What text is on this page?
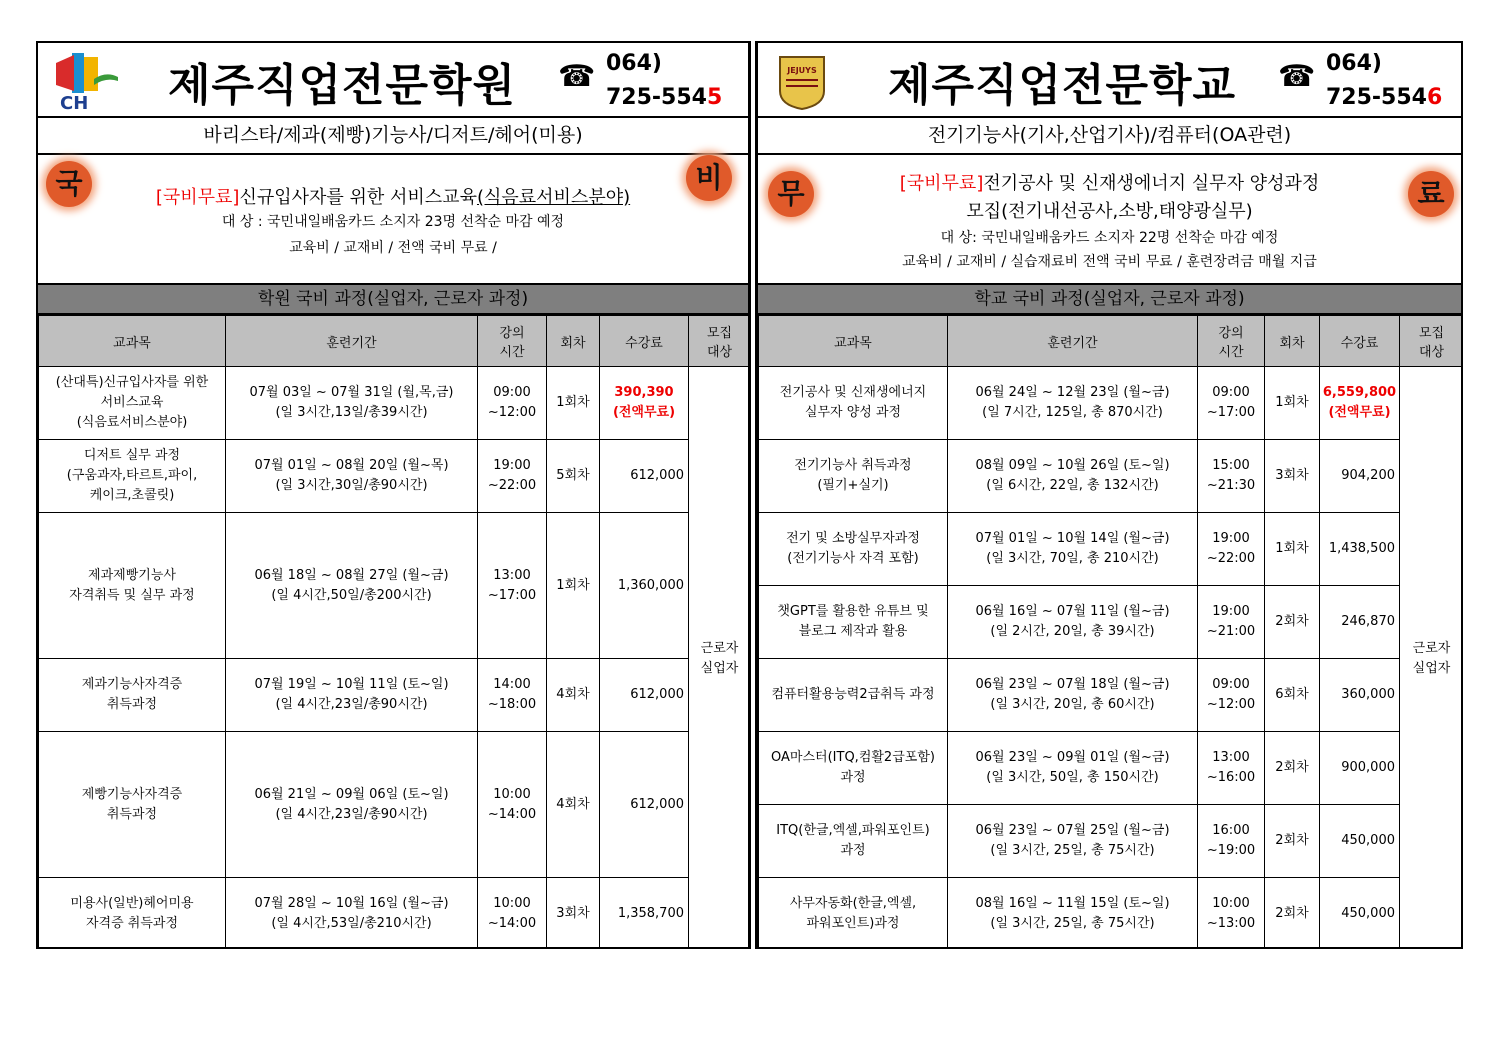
CH 제주직업전문학원 ☎ 064)
725-5545
바리스타/제과(제빵)기능사/디저트/헤어(미용)
국	비
[국비무료]신규입사자를 위한 서비스교육(식음료서비스분야)
대 상 : 국민내일배움카드 소지자 23명 선착순 마감 예정
교육비 / 교재비 / 전액 국비 무료 /
학원 국비 과정(실업자, 근로자 과정)
교과목	훈련기간	강의
시간	회차	수강료	모집
대상

(산대특)신규입사자를 위한
서비스교육
(식음료서비스분야)	07월 03일 ~ 07월 31일 (월,목,금)
(일 3시간,13일/총39시간)	09:00
~12:00	1회차	390,390
(전액무료)	근로자
실업자

디저트 실무 과정
(구움과자,타르트,파이,
케이크,초콜릿)	07월 01일 ~ 08월 20일 (월~목)
(일 3시간,30일/총90시간)	19:00
~22:00	5회차	612,000	

제과제빵기능사
자격취득 및 실무 과정	06월 18일 ~ 08월 27일 (월~금)
(일 4시간,50일/총200시간)	13:00
~17:00	1회차	1,360,000	

제과기능사자격증
취득과정	07월 19일 ~ 10월 11일 (토~일)
(일 4시간,23일/총90시간)	14:00
~18:00	4회차	612,000	

제빵기능사자격증
취득과정	06월 21일 ~ 09월 06일 (토~일)
(일 4시간,23일/총90시간)	10:00
~14:00	4회차	612,000	

미용사(일반)헤어미용
자격증 취득과정	07월 28일 ~ 10월 16일 (월~금)
(일 4시간,53일/총210시간)	10:00
~14:00	3회차	1,358,700	
JEJUYS 제주직업전문학교 ☎ 064)
725-5546
전기기능사(기사,산업기사)/컴퓨터(OA관련)
무	료
[국비무료]전기공사 및 신재생에너지 실무자 양성과정
모집(전기내선공사,소방,태양광실무)
대 상: 국민내일배움카드 소지자 22명 선착순 마감 예정
교육비 / 교재비 / 실습재료비 전액 국비 무료 / 훈련장려금 매월 지급
학교 국비 과정(실업자, 근로자 과정)
교과목	훈련기간	강의
시간	회차	수강료	모집
대상

전기공사 및 신재생에너지
실무자 양성 과정	06월 24일 ~ 12월 23일 (월~금)
(일 7시간, 125일, 총 870시간)	09:00
~17:00	1회차	6,559,800
(전액무료)	근로자
실업자

전기기능사 취득과정
(필기+실기)	08월 09일 ~ 10월 26일 (토~일)
(일 6시간, 22일, 총 132시간)	15:00
~21:30	3회차	904,200	

전기 및 소방실무자과정
(전기기능사 자격 포함)	07월 01일 ~ 10월 14일 (월~금)
(일 3시간, 70일, 총 210시간)	19:00
~22:00	1회차	1,438,500	

챗GPT를 활용한 유튜브 및
블로그 제작과 활용	06월 16일 ~ 07월 11일 (월~금)
(일 2시간, 20일, 총 39시간)	19:00
~21:00	2회차	246,870	

컴퓨터활용능력2급취득 과정	06월 23일 ~ 07월 18일 (월~금)
(일 3시간, 20일, 총 60시간)	09:00
~12:00	6회차	360,000	

OA마스터(ITQ,컴활2급포함)
과정	06월 23일 ~ 09월 01일 (월~금)
(일 3시간, 50일, 총 150시간)	13:00
~16:00	2회차	900,000	

ITQ(한글,엑셀,파워포인트)
과정	06월 23일 ~ 07월 25일 (월~금)
(일 3시간, 25일, 총 75시간)	16:00
~19:00	2회차	450,000	

사무자동화(한글,엑셀,
파워포인트)과정	08월 16일 ~ 11월 15일 (토~일)
(일 3시간, 25일, 총 75시간)	10:00
~13:00	2회차	450,000	
